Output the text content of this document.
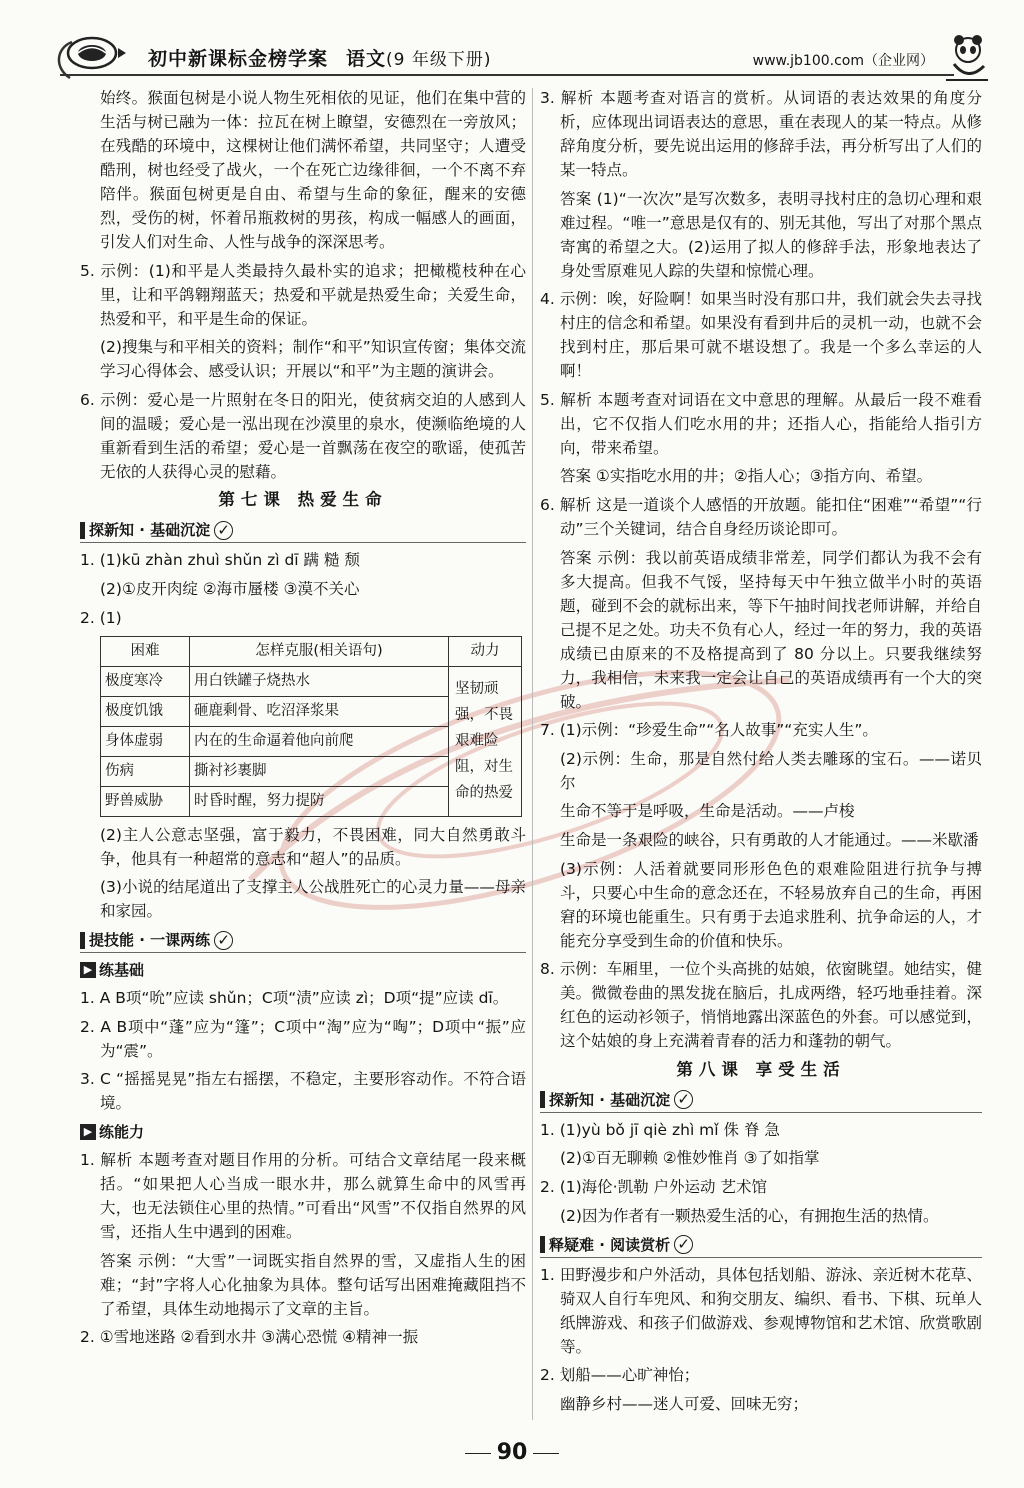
初中新课标金榜学案 语文(9 年级下册)	www.jb100.com（企业网）

始终。猴面包树是小说人物生死相依的见证，他们在集中营的生活与树已融为一体：拉瓦在树上瞭望，安德烈在一旁放风；在残酷的环境中，这棵树让他们满怀希望，共同坚守；人遭受酷刑，树也经受了战火，一个在死亡边缘徘徊，一个不离不弃陪伴。猴面包树更是自由、希望与生命的象征，醒来的安德烈，受伤的树，怀着吊瓶救树的男孩，构成一幅感人的画面，引发人们对生命、人性与战争的深深思考。

5. 示例：(1)和平是人类最持久最朴实的追求；把橄榄枝种在心里，让和平鸽翱翔蓝天；热爱和平就是热爱生命；关爱生命，热爱和平，和平是生命的保证。

(2)搜集与和平相关的资料；制作“和平”知识宣传窗；集体交流学习心得体会、感受认识；开展以“和平”为主题的演讲会。

6. 示例：爱心是一片照射在冬日的阳光，使贫病交迫的人感到人间的温暖；爱心是一泓出现在沙漠里的泉水，使濒临绝境的人重新看到生活的希望；爱心是一首飘荡在夜空的歌谣，使孤苦无依的人获得心灵的慰藉。

第七课 热爱生命
探新知 · 基础沉淀 ✓

1. (1)kū zhàn zhuì shǔn zì dī 蹒 糙 颓

(2)①皮开肉绽 ②海市蜃楼 ③漠不关心

2. (1)

困难	怎样克服(相关语句)	动力
极度寒冷	用白铁罐子烧热水	坚韧顽强，不畏艰难险阻，对生命的热爱
极度饥饿	砸鹿剩骨、吃沼泽浆果	
身体虚弱	内在的生命逼着他向前爬	
伤病	撕衬衫裹脚	
野兽威胁	时昏时醒，努力提防	

(2)主人公意志坚强，富于毅力，不畏困难，同大自然勇敢斗争，他具有一种超常的意志和“超人”的品质。

(3)小说的结尾道出了支撑主人公战胜死亡的心灵力量——母亲和家园。

提技能 · 一课两练 ✓
▶ 练基础

1. A B项“吮”应读 shǔn；C项“渍”应读 zì；D项“提”应读 dī。

2. A B项中“蓬”应为“篷”；C项中“淘”应为“啕”；D项中“振”应为“震”。

3. C “摇摇晃晃”指左右摇摆，不稳定，主要形容动作。不符合语境。

▶ 练能力

1. 解析 本题考查对题目作用的分析。可结合文章结尾一段来概括。“如果把人心当成一眼水井，那么就算生命中的风雪再大，也无法锁住心里的热情。”可看出“风雪”不仅指自然界的风雪，还指人生中遇到的困难。

答案 示例：“大雪”一词既实指自然界的雪，又虚指人生的困难；“封”字将人心化抽象为具体。整句话写出困难掩藏阻挡不了希望，具体生动地揭示了文章的主旨。

2. ①雪地迷路 ②看到水井 ③满心恐慌 ④精神一振

3. 解析 本题考查对语言的赏析。从词语的表达效果的角度分析，应体现出词语表达的意思，重在表现人的某一特点。从修辞角度分析，要先说出运用的修辞手法，再分析写出了人们的某一特点。

答案 (1)“一次次”是写次数多，表明寻找村庄的急切心理和艰难过程。“唯一”意思是仅有的、别无其他，写出了对那个黑点寄寓的希望之大。(2)运用了拟人的修辞手法，形象地表达了身处雪原难见人踪的失望和惊慌心理。

4. 示例：唉，好险啊！如果当时没有那口井，我们就会失去寻找村庄的信念和希望。如果没有看到井后的灵机一动，也就不会找到村庄，那后果可就不堪设想了。我是一个多么幸运的人啊！

5. 解析 本题考查对词语在文中意思的理解。从最后一段不难看出，它不仅指人们吃水用的井；还指人心，指能给人指引方向，带来希望。

答案 ①实指吃水用的井；②指人心；③指方向、希望。

6. 解析 这是一道谈个人感悟的开放题。能扣住“困难”“希望”“行动”三个关键词，结合自身经历谈论即可。

答案 示例：我以前英语成绩非常差，同学们都认为我不会有多大提高。但我不气馁，坚持每天中午独立做半小时的英语题，碰到不会的就标出来，等下午抽时间找老师讲解，并给自己提不足之处。功夫不负有心人，经过一年的努力，我的英语成绩已由原来的不及格提高到了 80 分以上。只要我继续努力，我相信，未来我一定会让自己的英语成绩再有一个大的突破。

7. (1)示例：“珍爱生命”“名人故事”“充实人生”。

(2)示例：生命，那是自然付给人类去雕琢的宝石。——诺贝尔

生命不等于是呼吸，生命是活动。——卢梭

生命是一条艰险的峡谷，只有勇敢的人才能通过。——米歇潘

(3)示例：人活着就要同形形色色的艰难险阻进行抗争与搏斗，只要心中生命的意念还在，不轻易放弃自己的生命，再困窘的环境也能重生。只有勇于去追求胜利、抗争命运的人，才能充分享受到生命的价值和快乐。

8. 示例：车厢里，一位个头高挑的姑娘，依窗眺望。她结实，健美。微微卷曲的黑发拢在脑后，扎成两绺，轻巧地垂挂着。深红色的运动衫领子，悄悄地露出深蓝色的外套。可以感觉到，这个姑娘的身上充满着青春的活力和蓬勃的朝气。

第八课 享受生活
探新知 · 基础沉淀 ✓

1. (1)yù bǒ jī qiè zhì mǐ 侏 脊 急

(2)①百无聊赖 ②惟妙惟肖 ③了如指掌

2. (1)海伦·凯勒 户外运动 艺术馆

(2)因为作者有一颗热爱生活的心，有拥抱生活的热情。

释疑难 · 阅读赏析 ✓

1. 田野漫步和户外活动，具体包括划船、游泳、亲近树木花草、骑双人自行车兜风、和狗交朋友、编织、看书、下棋、玩单人纸牌游戏、和孩子们做游戏、参观博物馆和艺术馆、欣赏歌剧等。

2. 划船——心旷神怡；

幽静乡村——迷人可爱、回味无穷；

90
